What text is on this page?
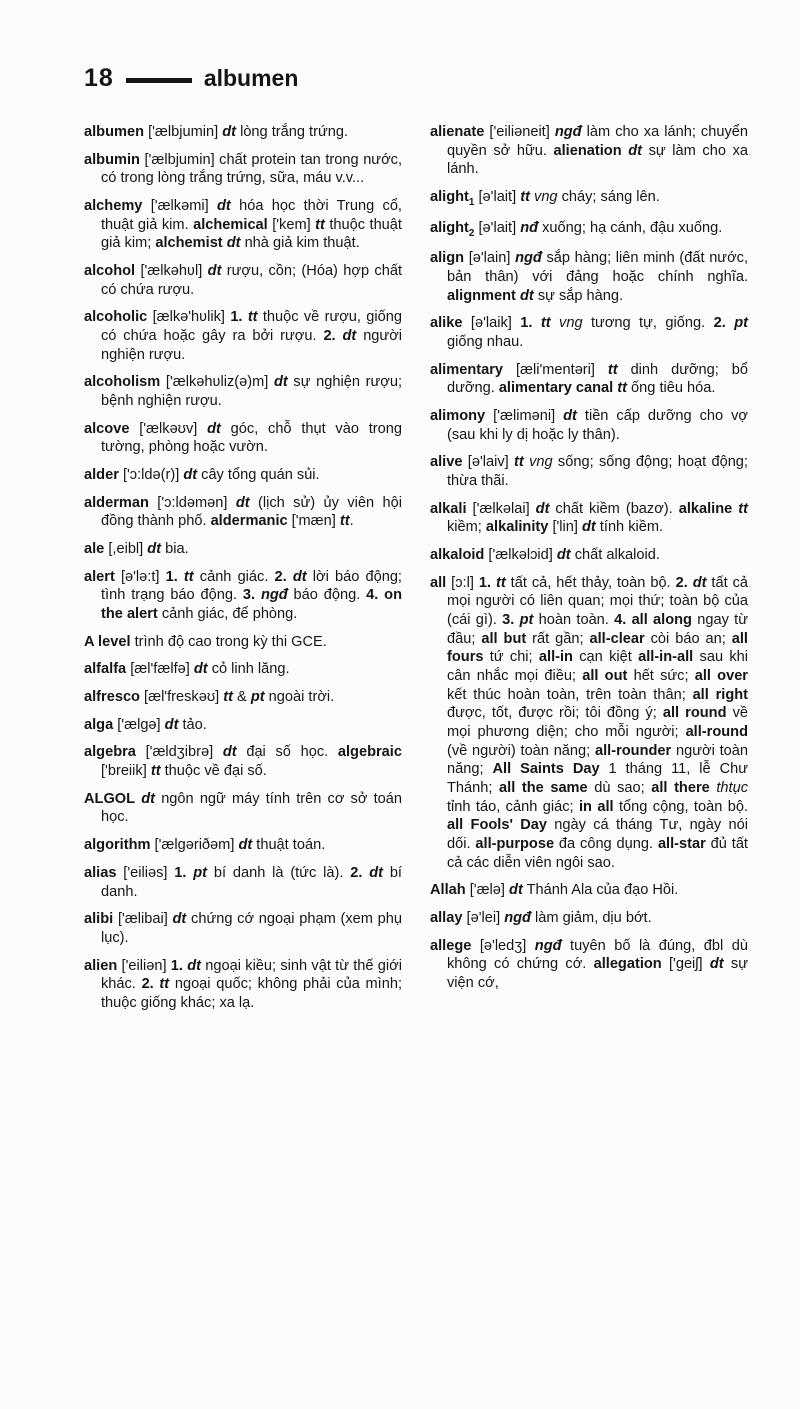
18	albumen

albumen ['ælbjumin] dt lòng trắng trứng.

albumin ['ælbjumin] chất protein tan trong nước, có trong lòng trắng trứng, sữa, máu v.v...

alchemy ['ælkəmi] dt hóa học thời Trung cổ, thuật giả kim. alchemical ['kem] tt thuộc thuật giả kim; alchemist dt nhà giả kim thuật.

alcohol ['ælkəhʋl] dt rượu, cồn; (Hóa) hợp chất có chứa rượu.

alcoholic [ælkə'hʋlik] 1. tt thuộc về rượu, giống có chứa hoặc gây ra bởi rượu. 2. dt người nghiện rượu.

alcoholism ['ælkəhʋliz(ə)m] dt sự nghiện rượu; bệnh nghiện rượu.

alcove ['ælkəʊv] dt góc, chỗ thụt vào trong tường, phòng hoặc vườn.

alder ['ɔ:ldə(r)] dt cây tổng quán sủi.

alderman ['ɔ:ldəmən] dt (lịch sử) ủy viên hội đồng thành phố. aldermanic ['mæn] tt.

ale [,eibl] dt bia.

alert [ə'lə:t] 1. tt cảnh giác. 2. dt lời báo động; tình trạng báo động. 3. ngđ báo động. 4. on the alert cảnh giác, để phòng.

A level trình độ cao trong kỳ thi GCE.

alfalfa [æl'fælfə] dt cỏ linh lăng.

alfresco [æl'freskəʊ] tt & pt ngoài trời.

alga ['ælgə] dt tảo.

algebra ['ældʒibrə] dt đại số học. algebraic ['breiik] tt thuộc về đại số.

ALGOL dt ngôn ngữ máy tính trên cơ sở toán học.

algorithm ['ælgəriðəm] dt thuật toán.

alias ['eiliəs] 1. pt bí danh là (tức là). 2. dt bí danh.

alibi ['ælibai] dt chứng cớ ngoại phạm (xem phụ lục).

alien ['eiliən] 1. dt ngoại kiều; sinh vật từ thế giới khác. 2. tt ngoại quốc; không phải của mình; thuộc giống khác; xa lạ.

alienate ['eiliəneit] ngđ làm cho xa lánh; chuyển quyền sở hữu. alienation dt sự làm cho xa lánh.

alight$_1$ [ə'lait] tt vng cháy; sáng lên.

alight$_2$ [ə'lait] nđ xuống; hạ cánh, đậu xuống.

align [ə'lain] ngđ sắp hàng; liên minh (đất nước, bản thân) với đảng hoặc chính nghĩa. alignment dt sự sắp hàng.

alike [ə'laik] 1. tt vng tương tự, giống. 2. pt giống nhau.

alimentary [æli'mentəri] tt dinh dưỡng; bổ dưỡng. alimentary canal tt ống tiêu hóa.

alimony ['æliməni] dt tiền cấp dưỡng cho vợ (sau khi ly dị hoặc ly thân).

alive [ə'laiv] tt vng sống; sống động; hoạt động; thừa thãi.

alkali ['ælkəlai] dt chất kiềm (bazơ). alkaline tt kiềm; alkalinity ['lin] dt tính kiềm.

alkaloid ['ælkəlɔid] dt chất alkaloid.

all [ɔ:l] 1. tt tất cả, hết thảy, toàn bộ. 2. dt tất cả mọi người có liên quan; mọi thứ; toàn bộ của (cái gì). 3. pt hoàn toàn. 4. all along ngay từ đầu; all but rất gần; all-clear còi báo an; all fours tứ chi; all-in cạn kiệt all-in-all sau khi cân nhắc mọi điều; all out hết sức; all over kết thúc hoàn toàn, trên toàn thân; all right được, tốt, được rồi; tôi đồng ý; all round về mọi phương diện; cho mỗi người; all-round (về người) toàn năng; all-rounder người toàn năng; All Saints Day 1 tháng 11, lễ Chư Thánh; all the same dù sao; all there thtục tỉnh táo, cảnh giác; in all tổng cộng, toàn bộ. all Fools' Day ngày cá tháng Tư, ngày nói dối. all-purpose đa công dụng. all-star đủ tất cả các diễn viên ngôi sao.

Allah ['ælə] dt Thánh Ala của đạo Hồi.

allay [ə'lei] ngđ làm giảm, dịu bớt.

allege [ə'ledʒ] ngđ tuyên bố là đúng, đbl dù không có chứng cớ. allegation ['geiʃ] dt sự viện cớ,
